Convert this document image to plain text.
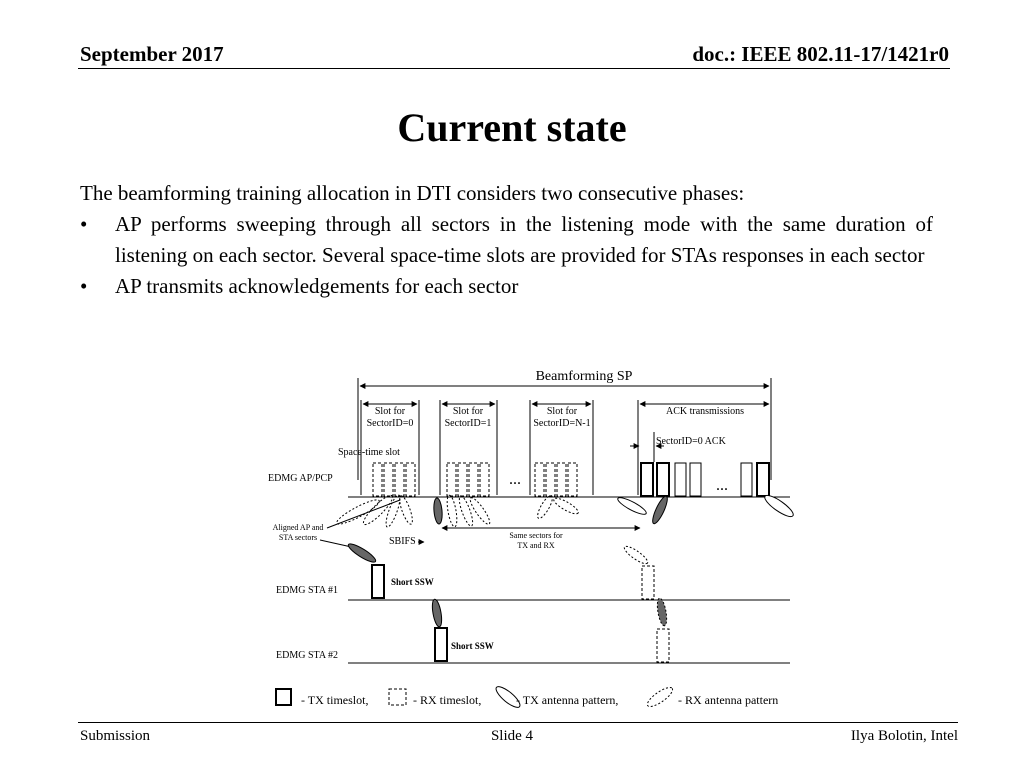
September 2017	doc.: IEEE 802.11-17/1421r0
Current state

The beamforming training allocation in DTI considers two consecutive phases:

• AP performs sweeping through all sectors in the listening mode with the same duration of listening on each sector. Several space-time slots are provided for STAs responses in each sector
• AP transmits acknowledgements for each sector
Beamforming SP
Slot for
SectorID=0
Slot for
SectorID=1
Slot for
SectorID=N-1
ACK transmissions
SectorID=0 ACK
Space-time slot
EDMG AP/PCP	...	...
Aligned AP and
STA sectors	SBIFS
Same sectors for
TX and RX
Short SSW
EDMG STA #1
Short SSW
EDMG STA #2
- TX timeslot,	- RX timeslot,	- TX antenna pattern,	- RX antenna pattern
Submission	Slide 4	Ilya Bolotin, Intel
